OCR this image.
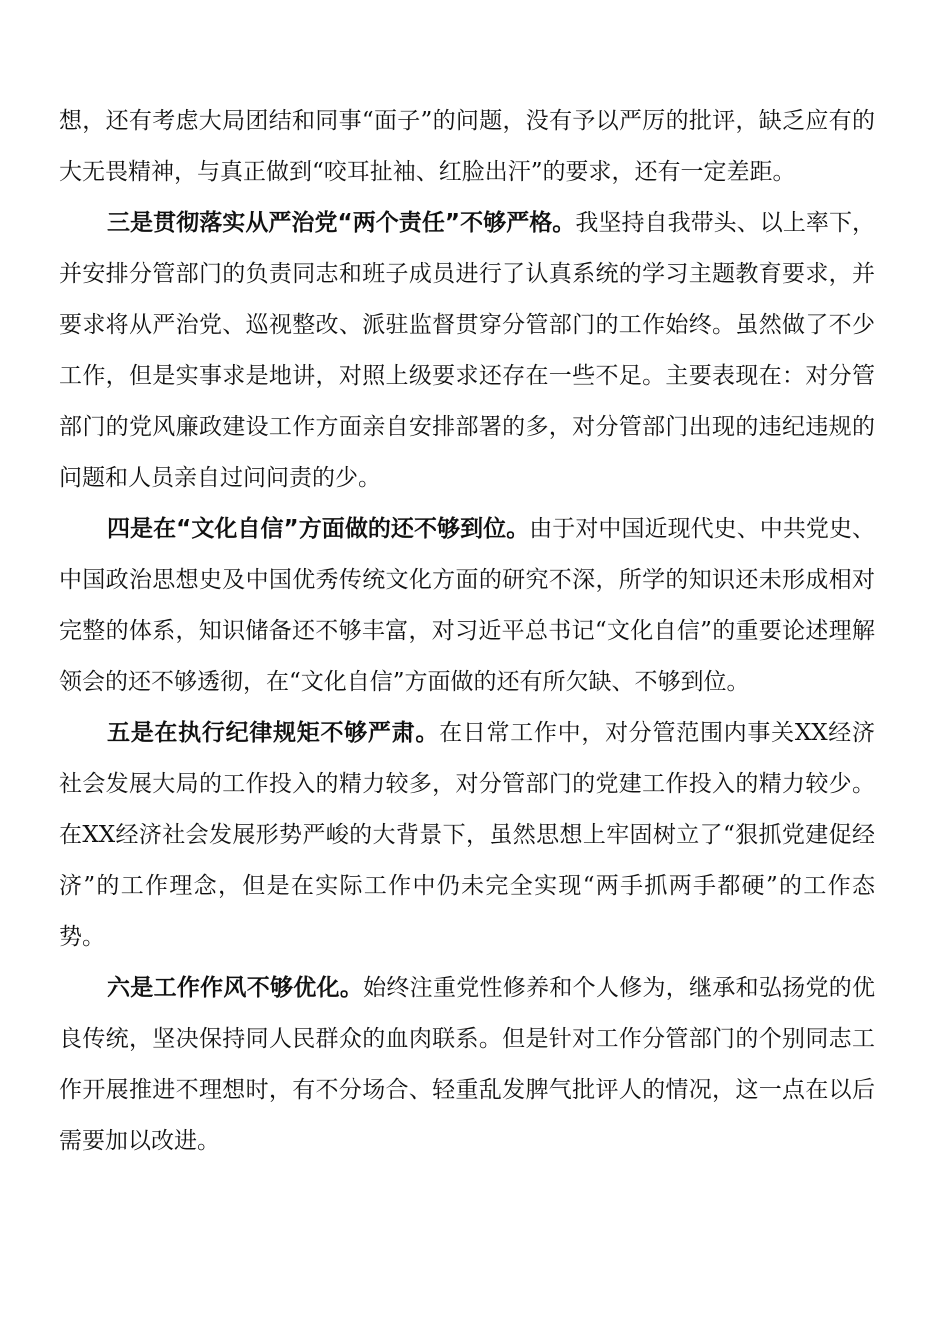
想，还有考虑大局团结和同事“面子”的问题，没有予以严厉的批评，缺乏应有的大无畏精神，与真正做到“咬耳扯袖、红脸出汗”的要求，还有一定差距。

三是贯彻落实从严治党“两个责任”不够严格。我坚持自我带头、以上率下，并安排分管部门的负责同志和班子成员进行了认真系统的学习主题教育要求，并要求将从严治党、巡视整改、派驻监督贯穿分管部门的工作始终。虽然做了不少工作，但是实事求是地讲，对照上级要求还存在一些不足。主要表现在：对分管部门的党风廉政建设工作方面亲自安排部署的多，对分管部门出现的违纪违规的问题和人员亲自过问问责的少。

四是在“文化自信”方面做的还不够到位。由于对中国近现代史、中共党史、中国政治思想史及中国优秀传统文化方面的研究不深，所学的知识还未形成相对完整的体系，知识储备还不够丰富，对习近平总书记“文化自信”的重要论述理解领会的还不够透彻，在“文化自信”方面做的还有所欠缺、不够到位。

五是在执行纪律规矩不够严肃。在日常工作中，对分管范围内事关XX经济社会发展大局的工作投入的精力较多，对分管部门的党建工作投入的精力较少。在XX经济社会发展形势严峻的大背景下，虽然思想上牢固树立了“狠抓党建促经济”的工作理念，但是在实际工作中仍未完全实现“两手抓两手都硬”的工作态势。

六是工作作风不够优化。始终注重党性修养和个人修为，继承和弘扬党的优良传统，坚决保持同人民群众的血肉联系。但是针对工作分管部门的个别同志工作开展推进不理想时，有不分场合、轻重乱发脾气批评人的情况，这一点在以后需要加以改进。
